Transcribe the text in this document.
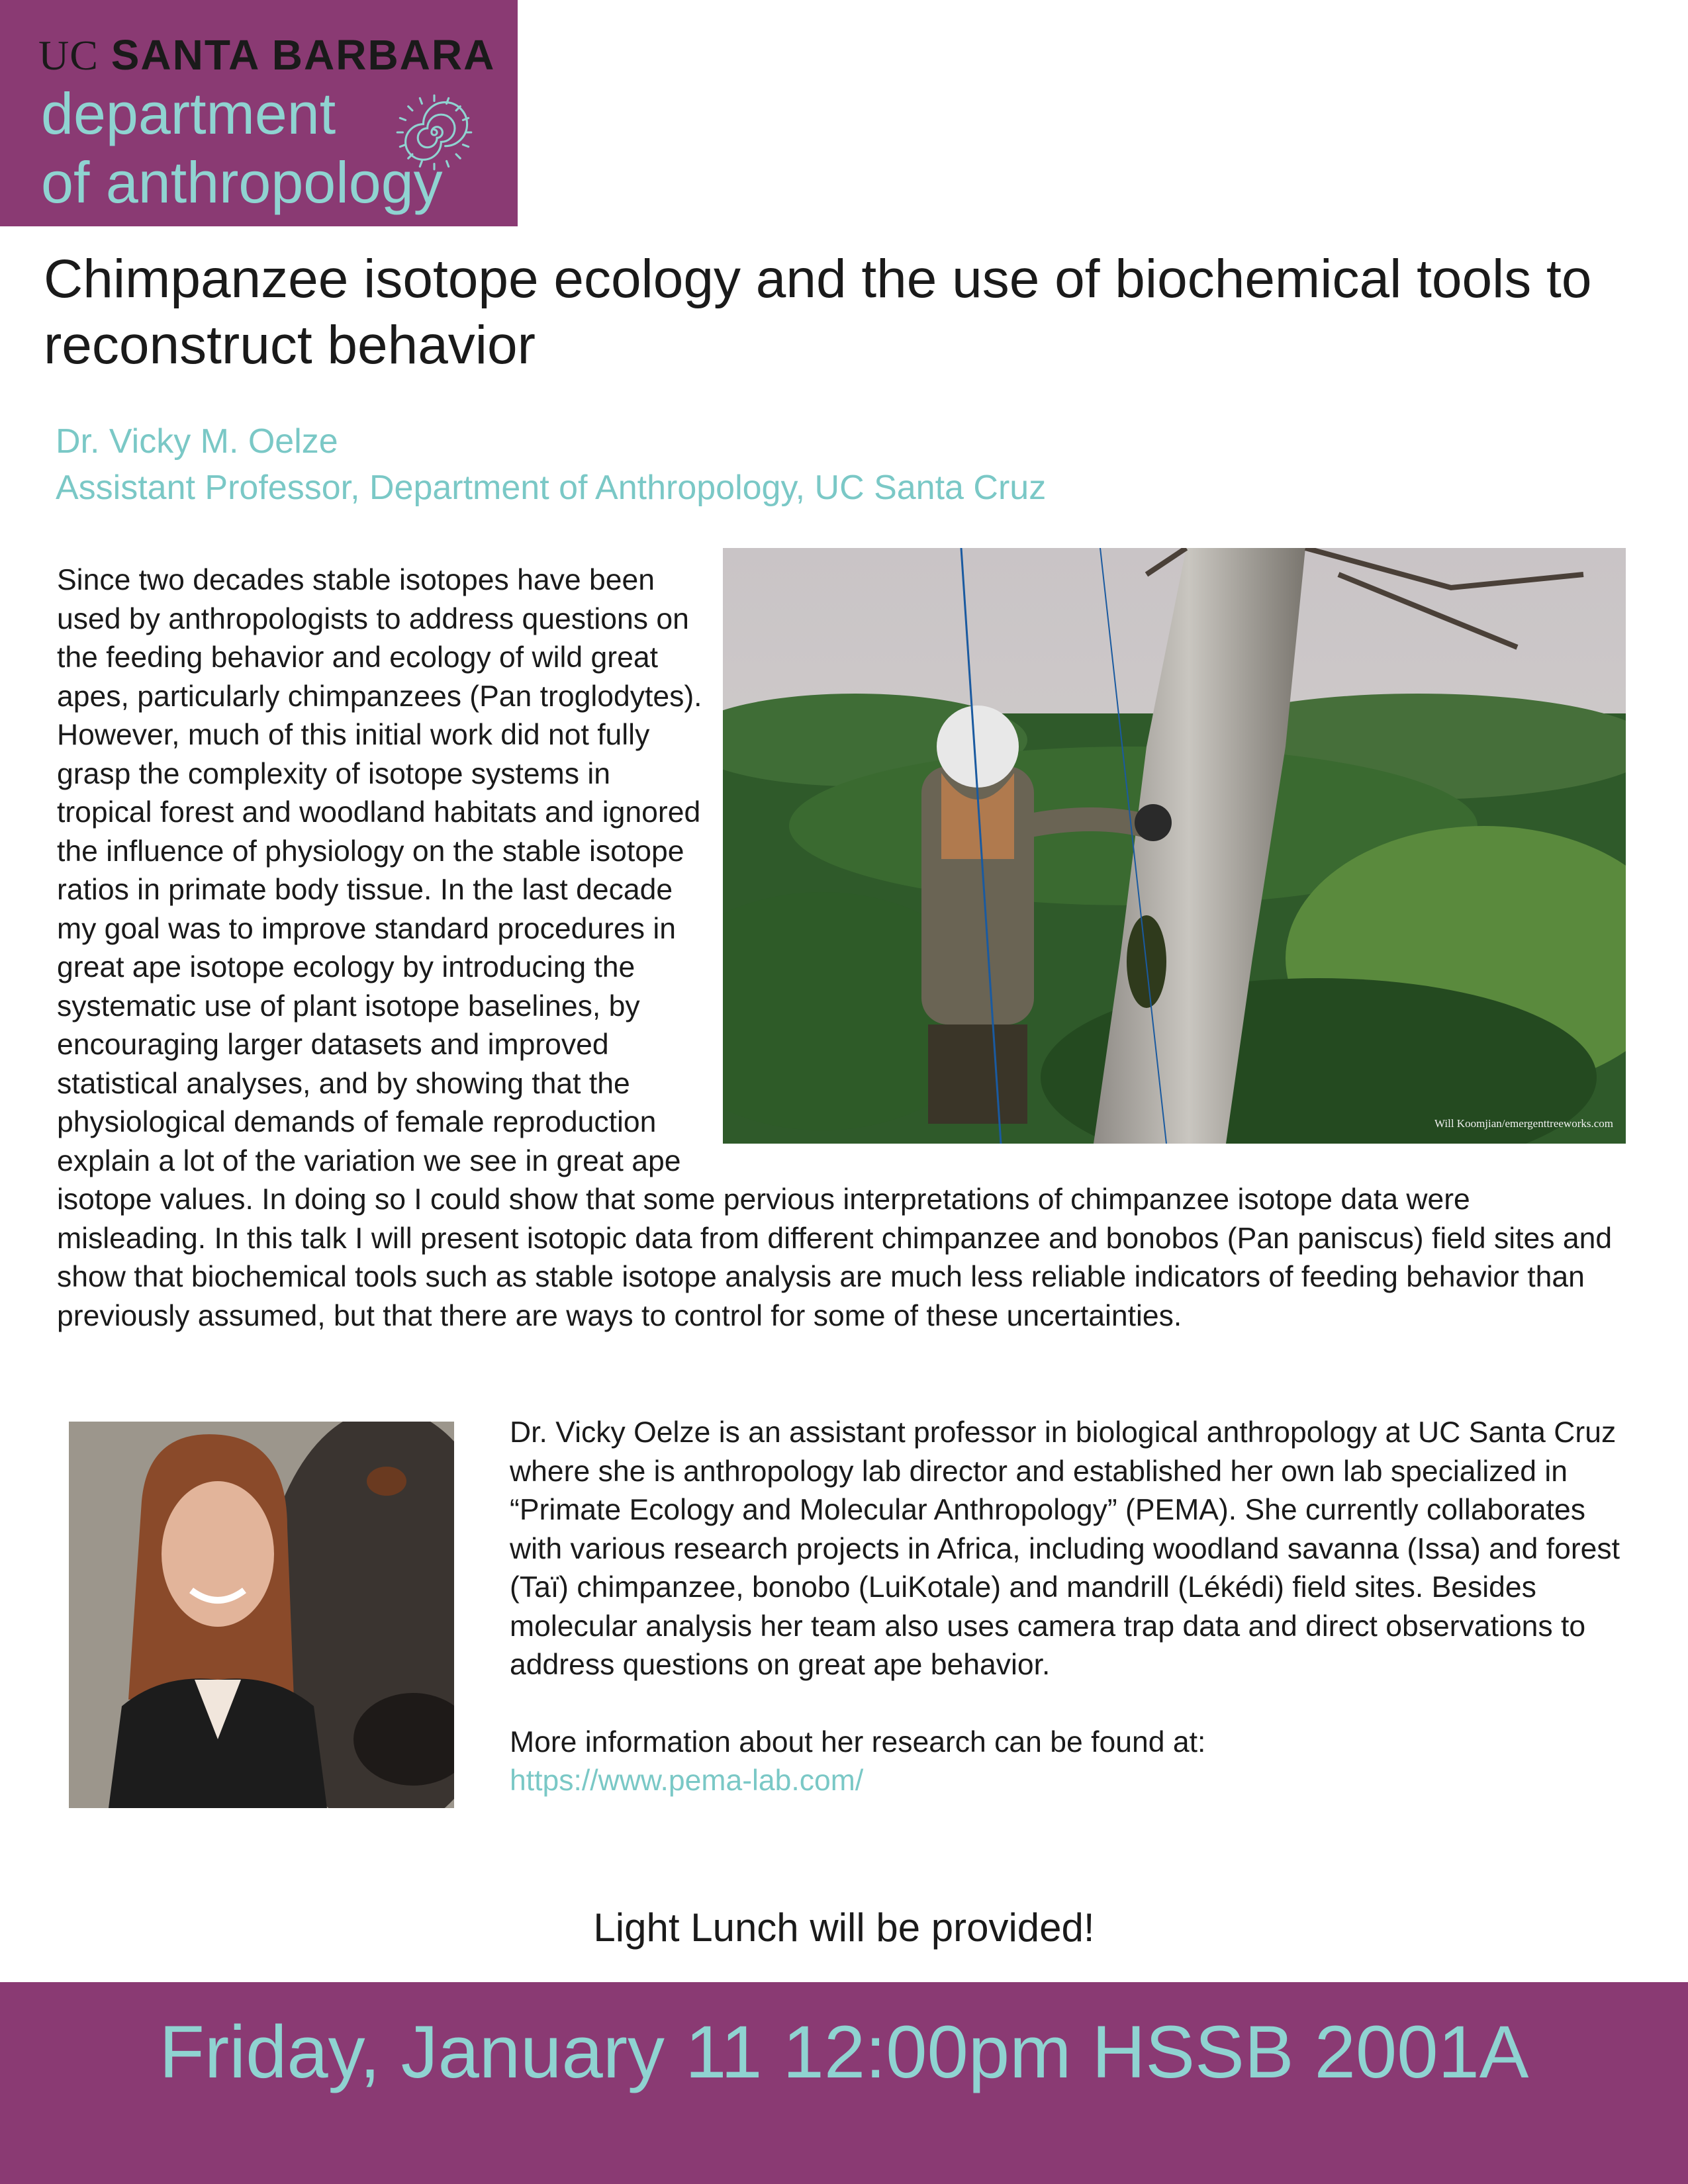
UC SANTA BARBARA
department
of anthropology
Chimpanzee isotope ecology and the use of biochemical tools to reconstruct behavior
Dr. Vicky M. Oelze
Assistant Professor, Department of Anthropology, UC Santa Cruz
Will Koomjian/emergenttreeworks.com
Since two decades stable isotopes have been used by anthropologists to address questions on the feeding behavior and ecology of wild great apes, particularly chimpanzees (Pan troglodytes). However, much of this initial work did not fully grasp the complexity of isotope systems in tropical forest and woodland habitats and ignored the influence of physiology on the stable isotope ratios in primate body tissue. In the last decade my goal was to improve standard procedures in great ape isotope ecology by introducing the systematic use of plant isotope baselines, by encouraging larger datasets and improved statistical analyses, and by showing that the physiological demands of female reproduction explain a lot of the variation we see in great ape isotope values. In doing so I could show that some pervious interpretations of chimpanzee isotope data were misleading. In this talk I will present isotopic data from different chimpanzee and bonobos (Pan paniscus) field sites and show that biochemical tools such as stable isotope analysis are much less reliable indicators of feeding behavior than previously assumed, but that there are ways to control for some of these uncertainties.

Dr. Vicky Oelze is an assistant professor in biological anthropology at UC Santa Cruz where she is anthropology lab director and established her own lab specialized in “Primate Ecology and Molecular Anthropology” (PEMA). She currently collaborates with various research projects in Africa, including woodland savanna (Issa) and forest (Taï) chimpanzee, bonobo (LuiKotale) and mandrill (Lékédi) field sites. Besides molecular analysis her team also uses camera trap data and direct observations to address questions on great ape behavior.

More information about her research can be found at:

https://www.pema-lab.com/

Light Lunch will be provided!
Friday, January 11 12:00pm HSSB 2001A
